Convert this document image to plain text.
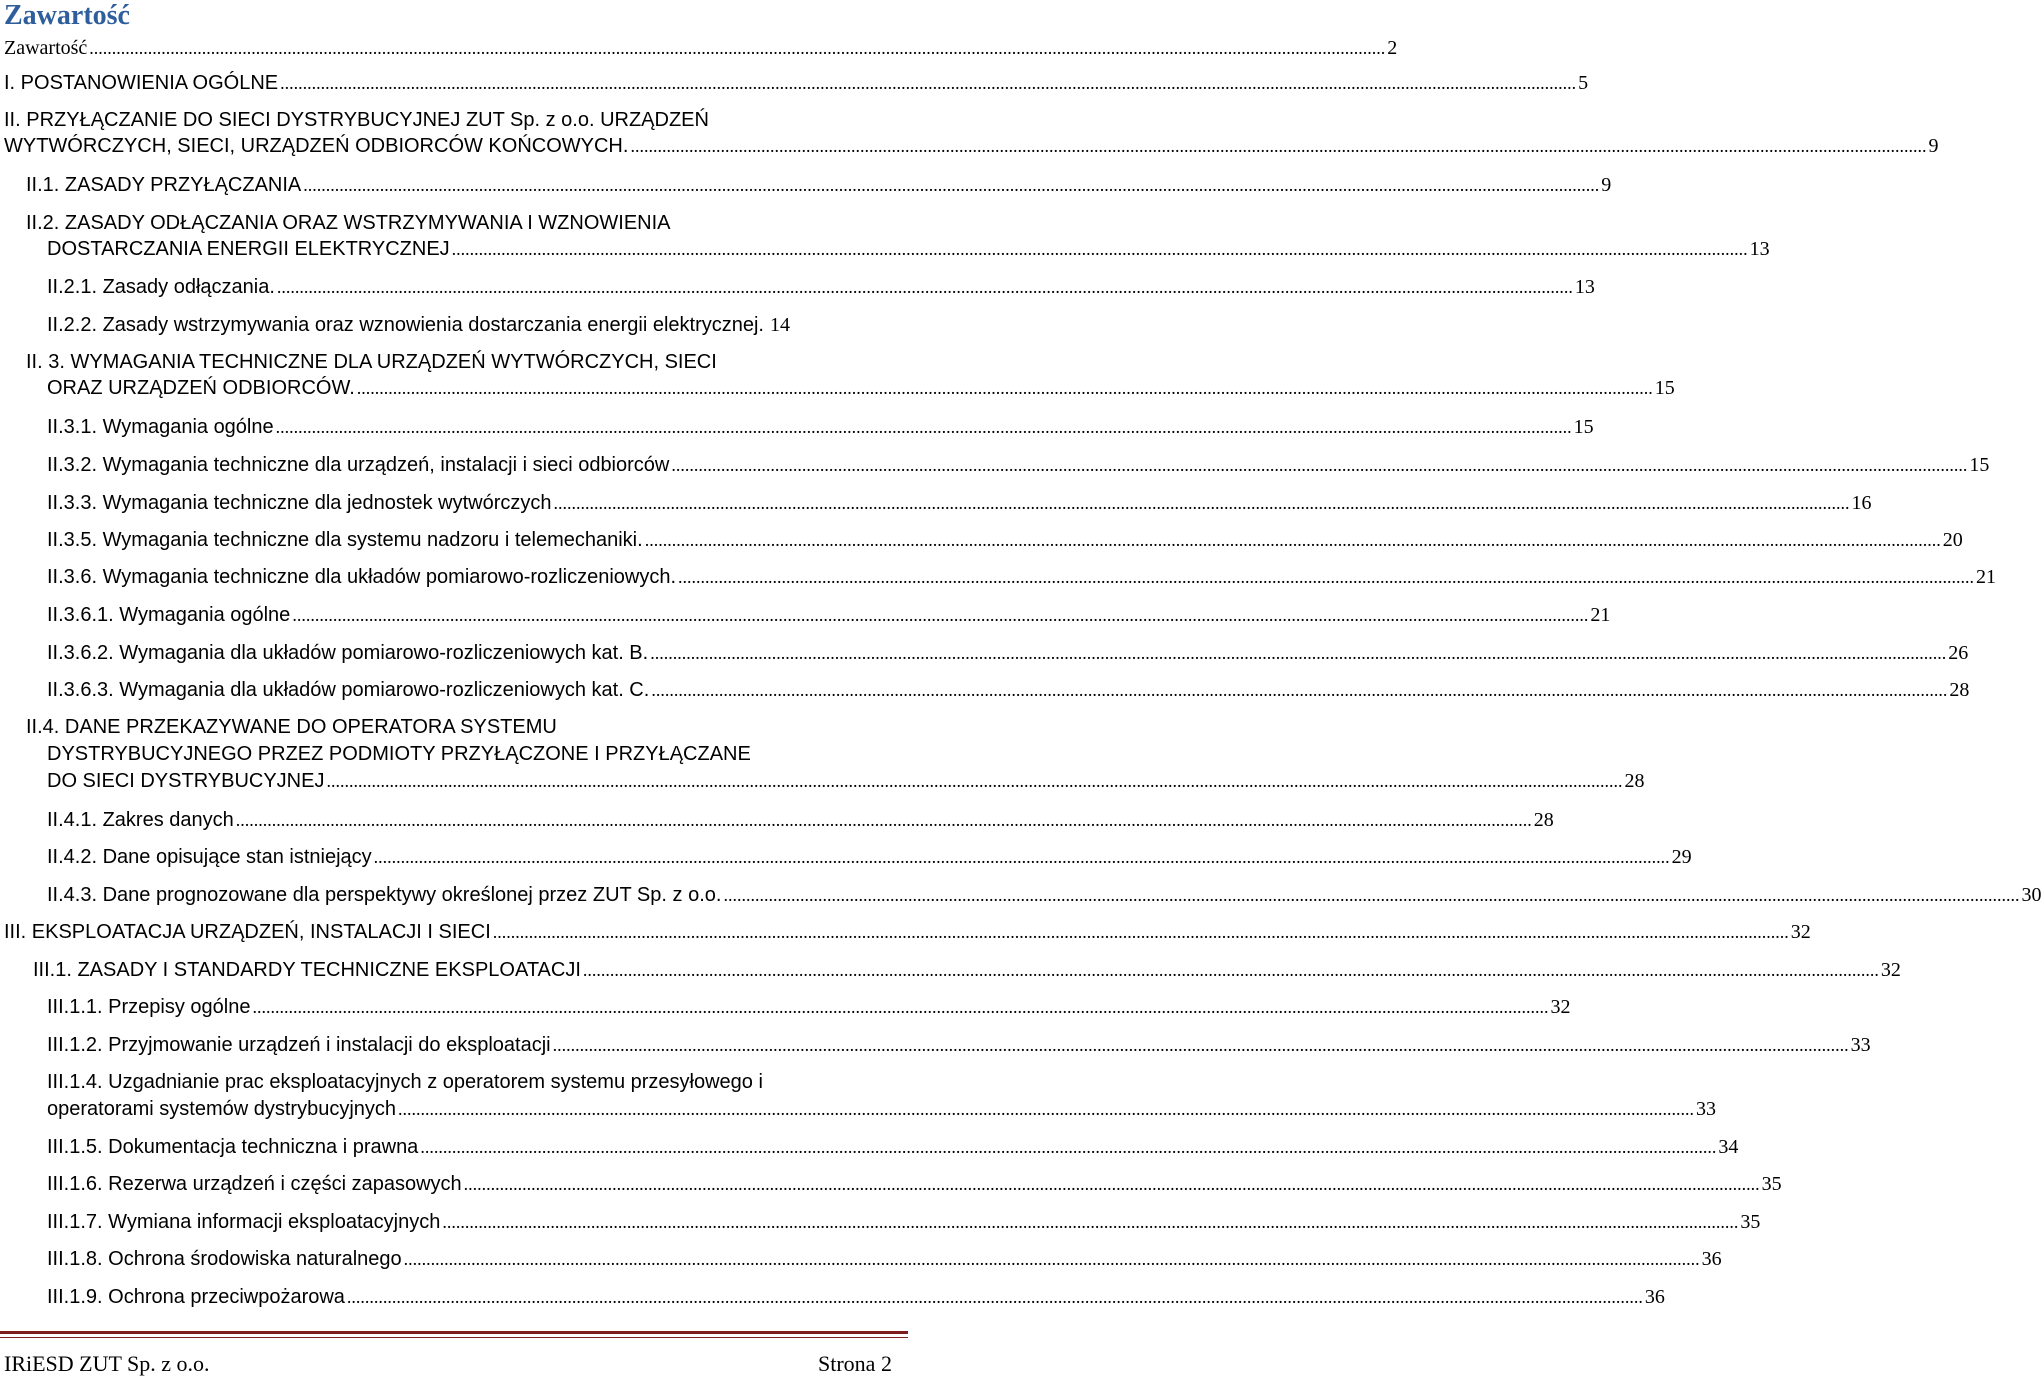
Zawartość
Zawartość .....	2
I. POSTANOWIENIA OGÓLNE .....	5
II. PRZYŁĄCZANIE DO SIECI DYSTRYBUCYJNEJ ZUT Sp. z o.o. URZĄDZEŃ
WYTWÓRCZYCH, SIECI, URZĄDZEŃ ODBIORCÓW KOŃCOWYCH. .....	9
II.1. ZASADY PRZYŁĄCZANIA .....	9
II.2. ZASADY ODŁĄCZANIA ORAZ WSTRZYMYWANIA I WZNOWIENIA
DOSTARCZANIA ENERGII ELEKTRYCZNEJ .....	13
II.2.1. Zasady odłączania. .....	13
II.2.2. Zasady wstrzymywania oraz wznowienia dostarczania energii elektrycznej. 14
II. 3. WYMAGANIA TECHNICZNE DLA URZĄDZEŃ WYTWÓRCZYCH, SIECI
ORAZ URZĄDZEŃ ODBIORCÓW. .....	15
II.3.1. Wymagania ogólne .....	15
II.3.2. Wymagania techniczne dla urządzeń, instalacji i sieci odbiorców .....	15
II.3.3. Wymagania techniczne dla jednostek wytwórczych .....	16
II.3.5. Wymagania techniczne dla systemu nadzoru i telemechaniki. .....	20
II.3.6. Wymagania techniczne dla układów pomiarowo-rozliczeniowych. .....	21
II.3.6.1. Wymagania ogólne .....	21
II.3.6.2. Wymagania dla układów pomiarowo-rozliczeniowych kat. B. .....	26
II.3.6.3. Wymagania dla układów pomiarowo-rozliczeniowych kat. C. .....	28
II.4. DANE PRZEKAZYWANE DO OPERATORA SYSTEMU
DYSTRYBUCYJNEGO PRZEZ PODMIOTY PRZYŁĄCZONE I PRZYŁĄCZANE
DO SIECI DYSTRYBUCYJNEJ .....	28
II.4.1. Zakres danych .....	28
II.4.2. Dane opisujące stan istniejący .....	29
II.4.3. Dane prognozowane dla perspektywy określonej przez ZUT Sp. z o.o. .....	30
III. EKSPLOATACJA URZĄDZEŃ, INSTALACJI I SIECI .....	32
III.1. ZASADY I STANDARDY TECHNICZNE EKSPLOATACJI .....	32
III.1.1. Przepisy ogólne .....	32
III.1.2. Przyjmowanie urządzeń i instalacji do eksploatacji .....	33
III.1.4. Uzgadnianie prac eksploatacyjnych z operatorem systemu przesyłowego i
operatorami systemów dystrybucyjnych .....	33
III.1.5. Dokumentacja techniczna i prawna .....	34
III.1.6. Rezerwa urządzeń i części zapasowych .....	35
III.1.7. Wymiana informacji eksploatacyjnych .....	35
III.1.8. Ochrona środowiska naturalnego .....	36
III.1.9. Ochrona przeciwpożarowa .....	36
IRiESD ZUT Sp. z o.o.	Strona 2
